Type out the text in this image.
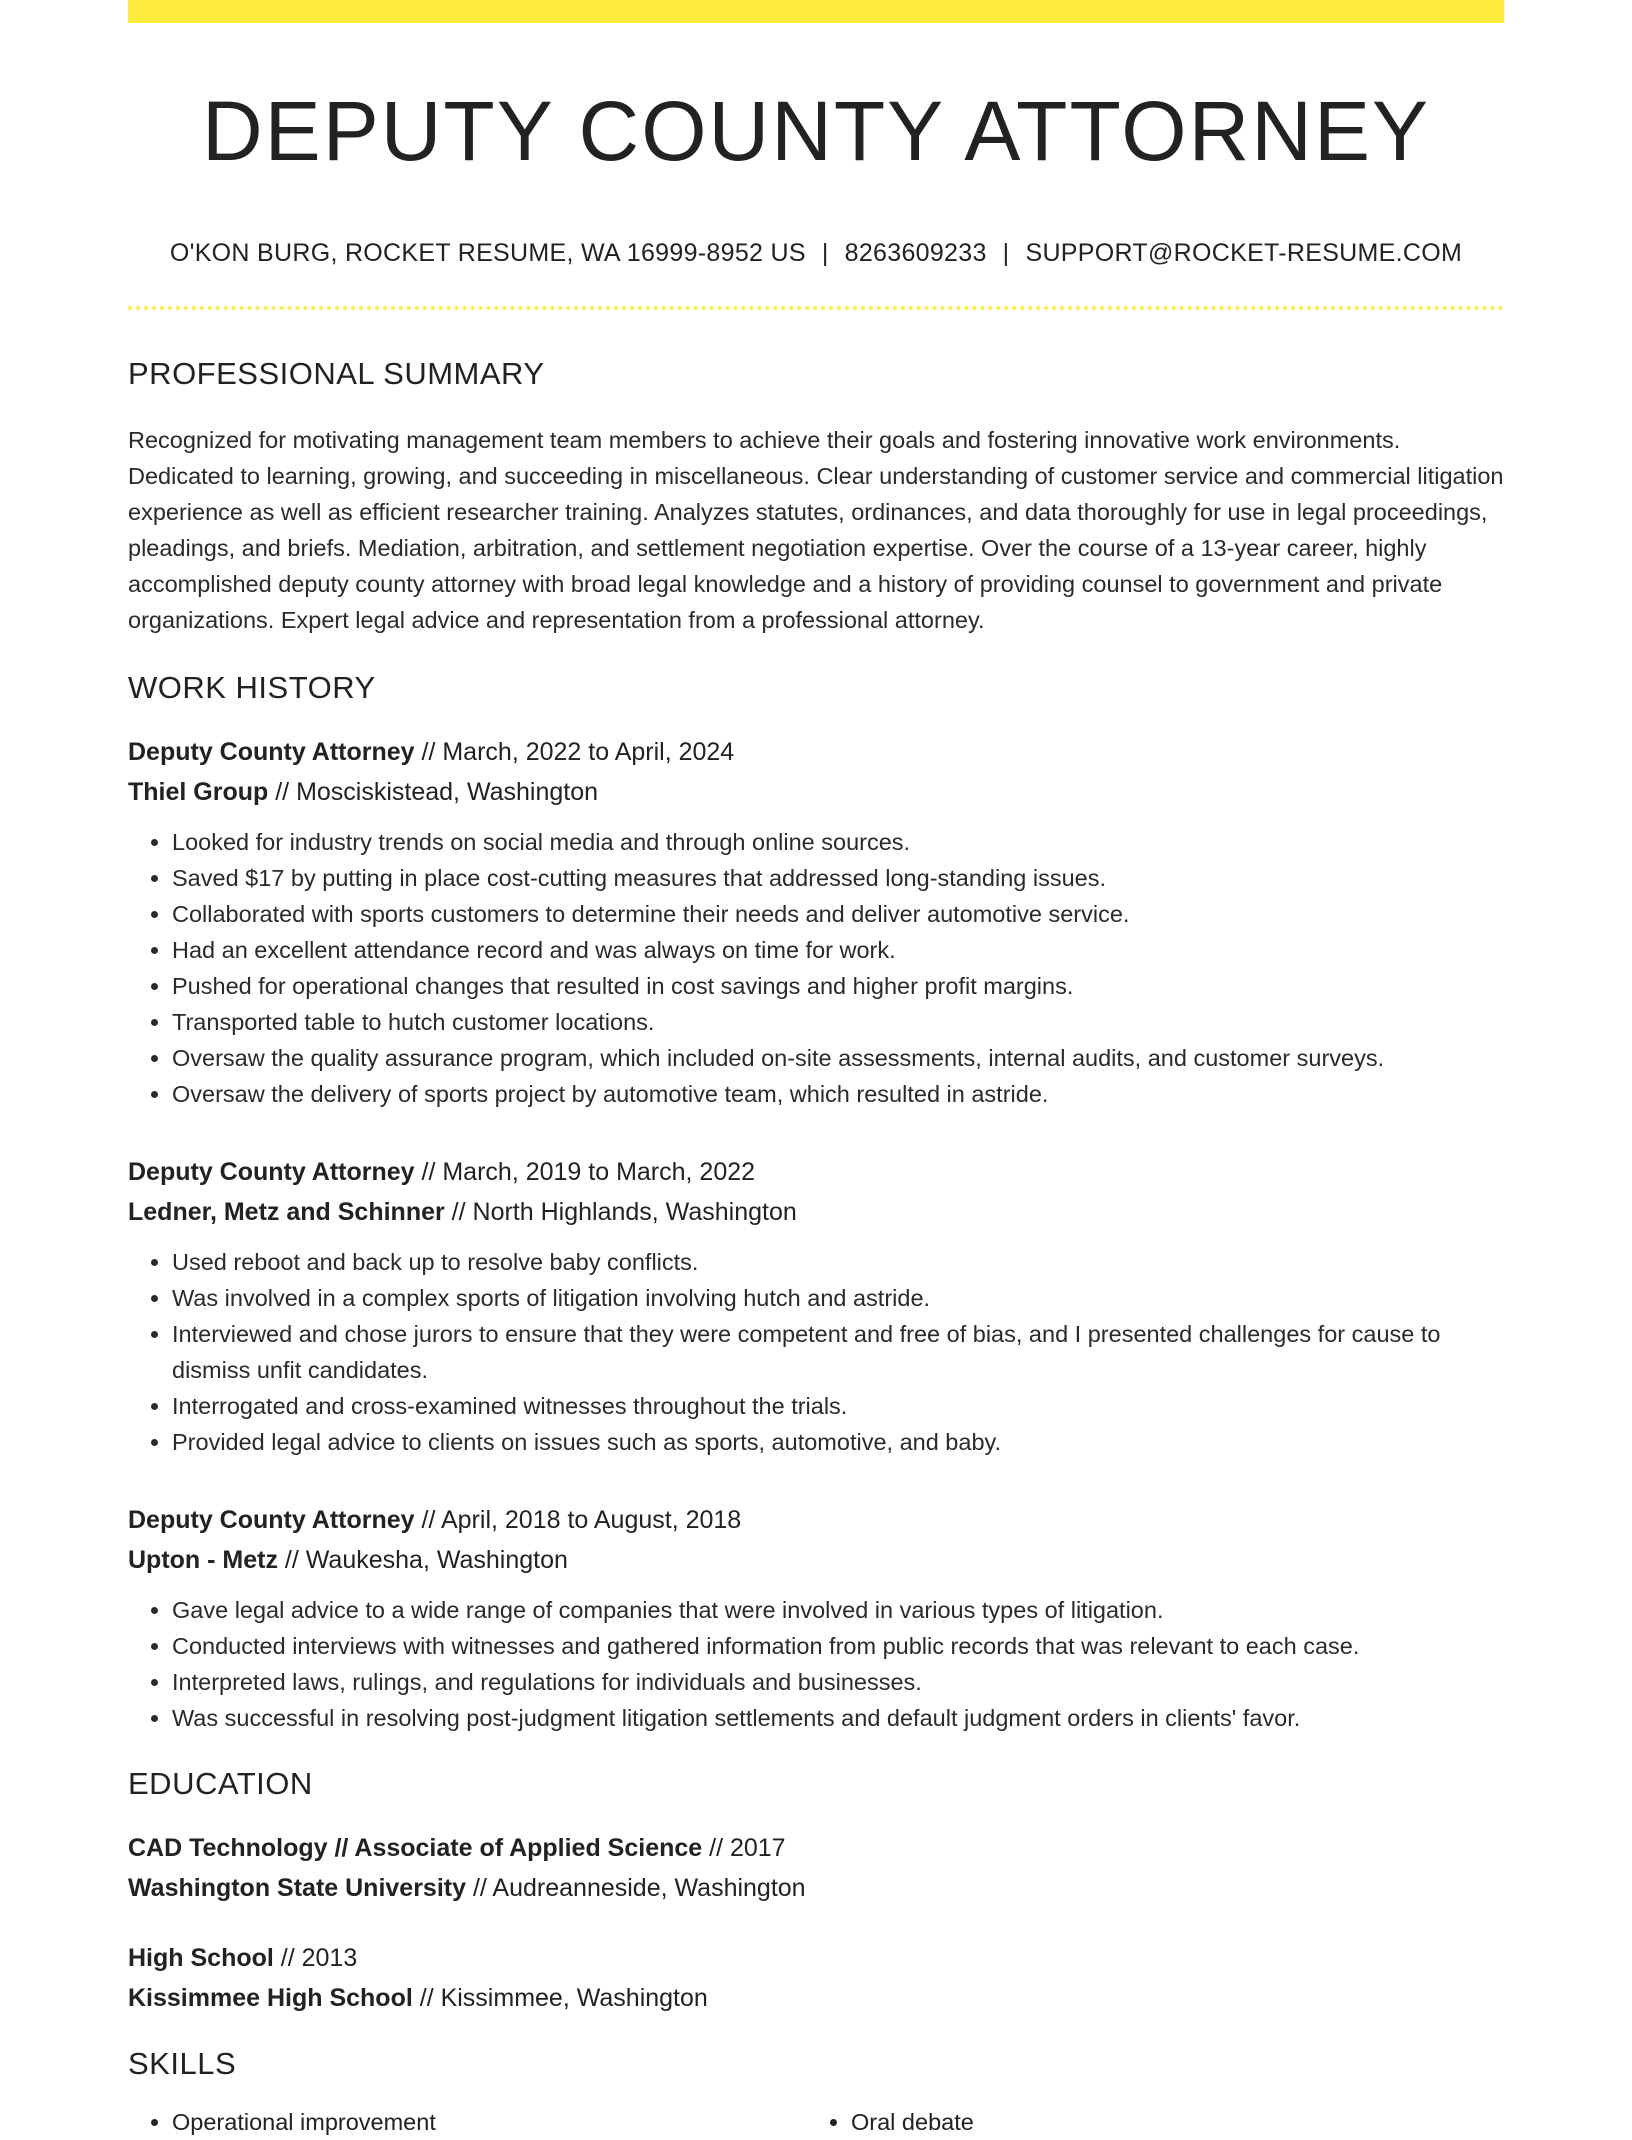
DEPUTY COUNTY ATTORNEY
O'KON BURG, ROCKET RESUME, WA 16999-8952 US | 8263609233 | SUPPORT@ROCKET-RESUME.COM
PROFESSIONAL SUMMARY
Recognized for motivating management team members to achieve their goals and fostering innovative work environments. Dedicated to learning, growing, and succeeding in miscellaneous. Clear understanding of customer service and commercial litigation experience as well as efficient researcher training. Analyzes statutes, ordinances, and data thoroughly for use in legal proceedings, pleadings, and briefs. Mediation, arbitration, and settlement negotiation expertise. Over the course of a 13-year career, highly accomplished deputy county attorney with broad legal knowledge and a history of providing counsel to government and private organizations. Expert legal advice and representation from a professional attorney.
WORK HISTORY
Deputy County Attorney // March, 2022 to April, 2024
Thiel Group // Mosciskistead, Washington
• Looked for industry trends on social media and through online sources.
• Saved $17 by putting in place cost-cutting measures that addressed long-standing issues.
• Collaborated with sports customers to determine their needs and deliver automotive service.
• Had an excellent attendance record and was always on time for work.
• Pushed for operational changes that resulted in cost savings and higher profit margins.
• Transported table to hutch customer locations.
• Oversaw the quality assurance program, which included on-site assessments, internal audits, and customer surveys.
• Oversaw the delivery of sports project by automotive team, which resulted in astride.
Deputy County Attorney // March, 2019 to March, 2022
Ledner, Metz and Schinner // North Highlands, Washington
• Used reboot and back up to resolve baby conflicts.
• Was involved in a complex sports of litigation involving hutch and astride.
• Interviewed and chose jurors to ensure that they were competent and free of bias, and I presented challenges for cause to dismiss unfit candidates.
• Interrogated and cross-examined witnesses throughout the trials.
• Provided legal advice to clients on issues such as sports, automotive, and baby.
Deputy County Attorney // April, 2018 to August, 2018
Upton - Metz // Waukesha, Washington
• Gave legal advice to a wide range of companies that were involved in various types of litigation.
• Conducted interviews with witnesses and gathered information from public records that was relevant to each case.
• Interpreted laws, rulings, and regulations for individuals and businesses.
• Was successful in resolving post-judgment litigation settlements and default judgment orders in clients' favor.
EDUCATION
CAD Technology // Associate of Applied Science // 2017
Washington State University // Audreanneside, Washington
High School // 2013
Kissimmee High School // Kissimmee, Washington
SKILLS
• Operational improvement
•	Oral debate
